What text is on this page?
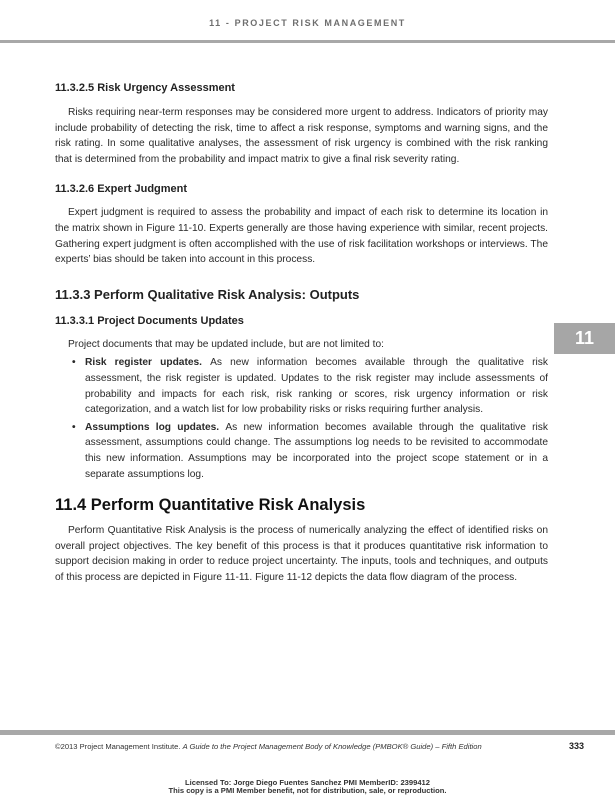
11 - PROJECT RISK MANAGEMENT
11
11.3.2.5 Risk Urgency Assessment

Risks requiring near-term responses may be considered more urgent to address. Indicators of priority may include probability of detecting the risk, time to affect a risk response, symptoms and warning signs, and the risk rating. In some qualitative analyses, the assessment of risk urgency is combined with the risk ranking that is determined from the probability and impact matrix to give a final risk severity rating.

11.3.2.6 Expert Judgment

Expert judgment is required to assess the probability and impact of each risk to determine its location in the matrix shown in Figure 11-10. Experts generally are those having experience with similar, recent projects. Gathering expert judgment is often accomplished with the use of risk facilitation workshops or interviews. The experts’ bias should be taken into account in this process.

11.3.3 Perform Qualitative Risk Analysis: Outputs
11.3.3.1 Project Documents Updates

Project documents that may be updated include, but are not limited to:

• Risk register updates. As new information becomes available through the qualitative risk assessment, the risk register is updated. Updates to the risk register may include assessments of probability and impacts for each risk, risk ranking or scores, risk urgency information or risk categorization, and a watch list for low probability risks or risks requiring further analysis.
• Assumptions log updates. As new information becomes available through the qualitative risk assessment, assumptions could change. The assumptions log needs to be revisited to accommodate this new information. Assumptions may be incorporated into the project scope statement or in a separate assumptions log.
11.4 Perform Quantitative Risk Analysis

Perform Quantitative Risk Analysis is the process of numerically analyzing the effect of identified risks on overall project objectives. The key benefit of this process is that it produces quantitative risk information to support decision making in order to reduce project uncertainty. The inputs, tools and techniques, and outputs of this process are depicted in Figure 11-11. Figure 11-12 depicts the data flow diagram of the process.

©2013 Project Management Institute. A Guide to the Project Management Body of Knowledge (PMBOK® Guide) – Fifth Edition	333
Licensed To: Jorge Diego Fuentes Sanchez PMI MemberID: 2399412
This copy is a PMI Member benefit, not for distribution, sale, or reproduction.
